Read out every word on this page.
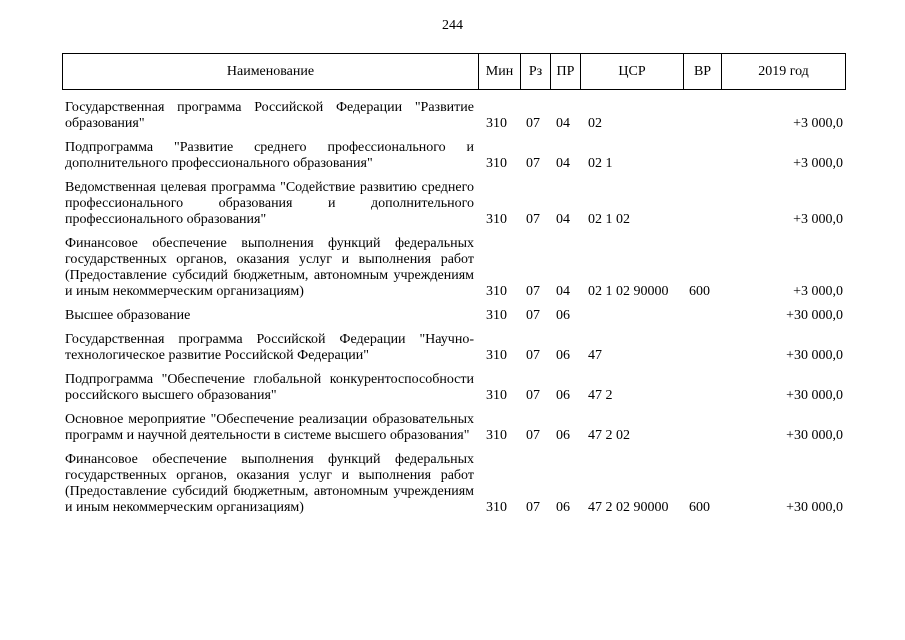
244
Наименование	Мин	Рз	ПР	ЦСР	ВР	2019 год
Государственная программа Российской Федерации "Развитие образования"	310	07	04	02		+3 000,0
Подпрограмма "Развитие среднего профессионального и дополнительного профессионального образования"	310	07	04	02 1		+3 000,0
Ведомственная целевая программа "Содействие развитию среднего профессионального образования и дополнительного профессионального образования"	310	07	04	02 1 02		+3 000,0
Финансовое обеспечение выполнения функций федеральных государственных органов, оказания услуг и выполнения работ (Предоставление субсидий бюджетным, автономным учреждениям и иным некоммерческим организациям)	310	07	04	02 1 02 90000	600	+3 000,0
Высшее образование	310	07	06			+30 000,0
Государственная программа Российской Федерации "Научно-технологическое развитие Российской Федерации"	310	07	06	47		+30 000,0
Подпрограмма "Обеспечение глобальной конкурентоспособности российского высшего образования"	310	07	06	47 2		+30 000,0
Основное мероприятие "Обеспечение реализации образовательных программ и научной деятельности в системе высшего образования"	310	07	06	47 2 02		+30 000,0
Финансовое обеспечение выполнения функций федеральных государственных органов, оказания услуг и выполнения работ (Предоставление субсидий бюджетным, автономным учреждениям и иным некоммерческим организациям)	310	07	06	47 2 02 90000	600	+30 000,0
